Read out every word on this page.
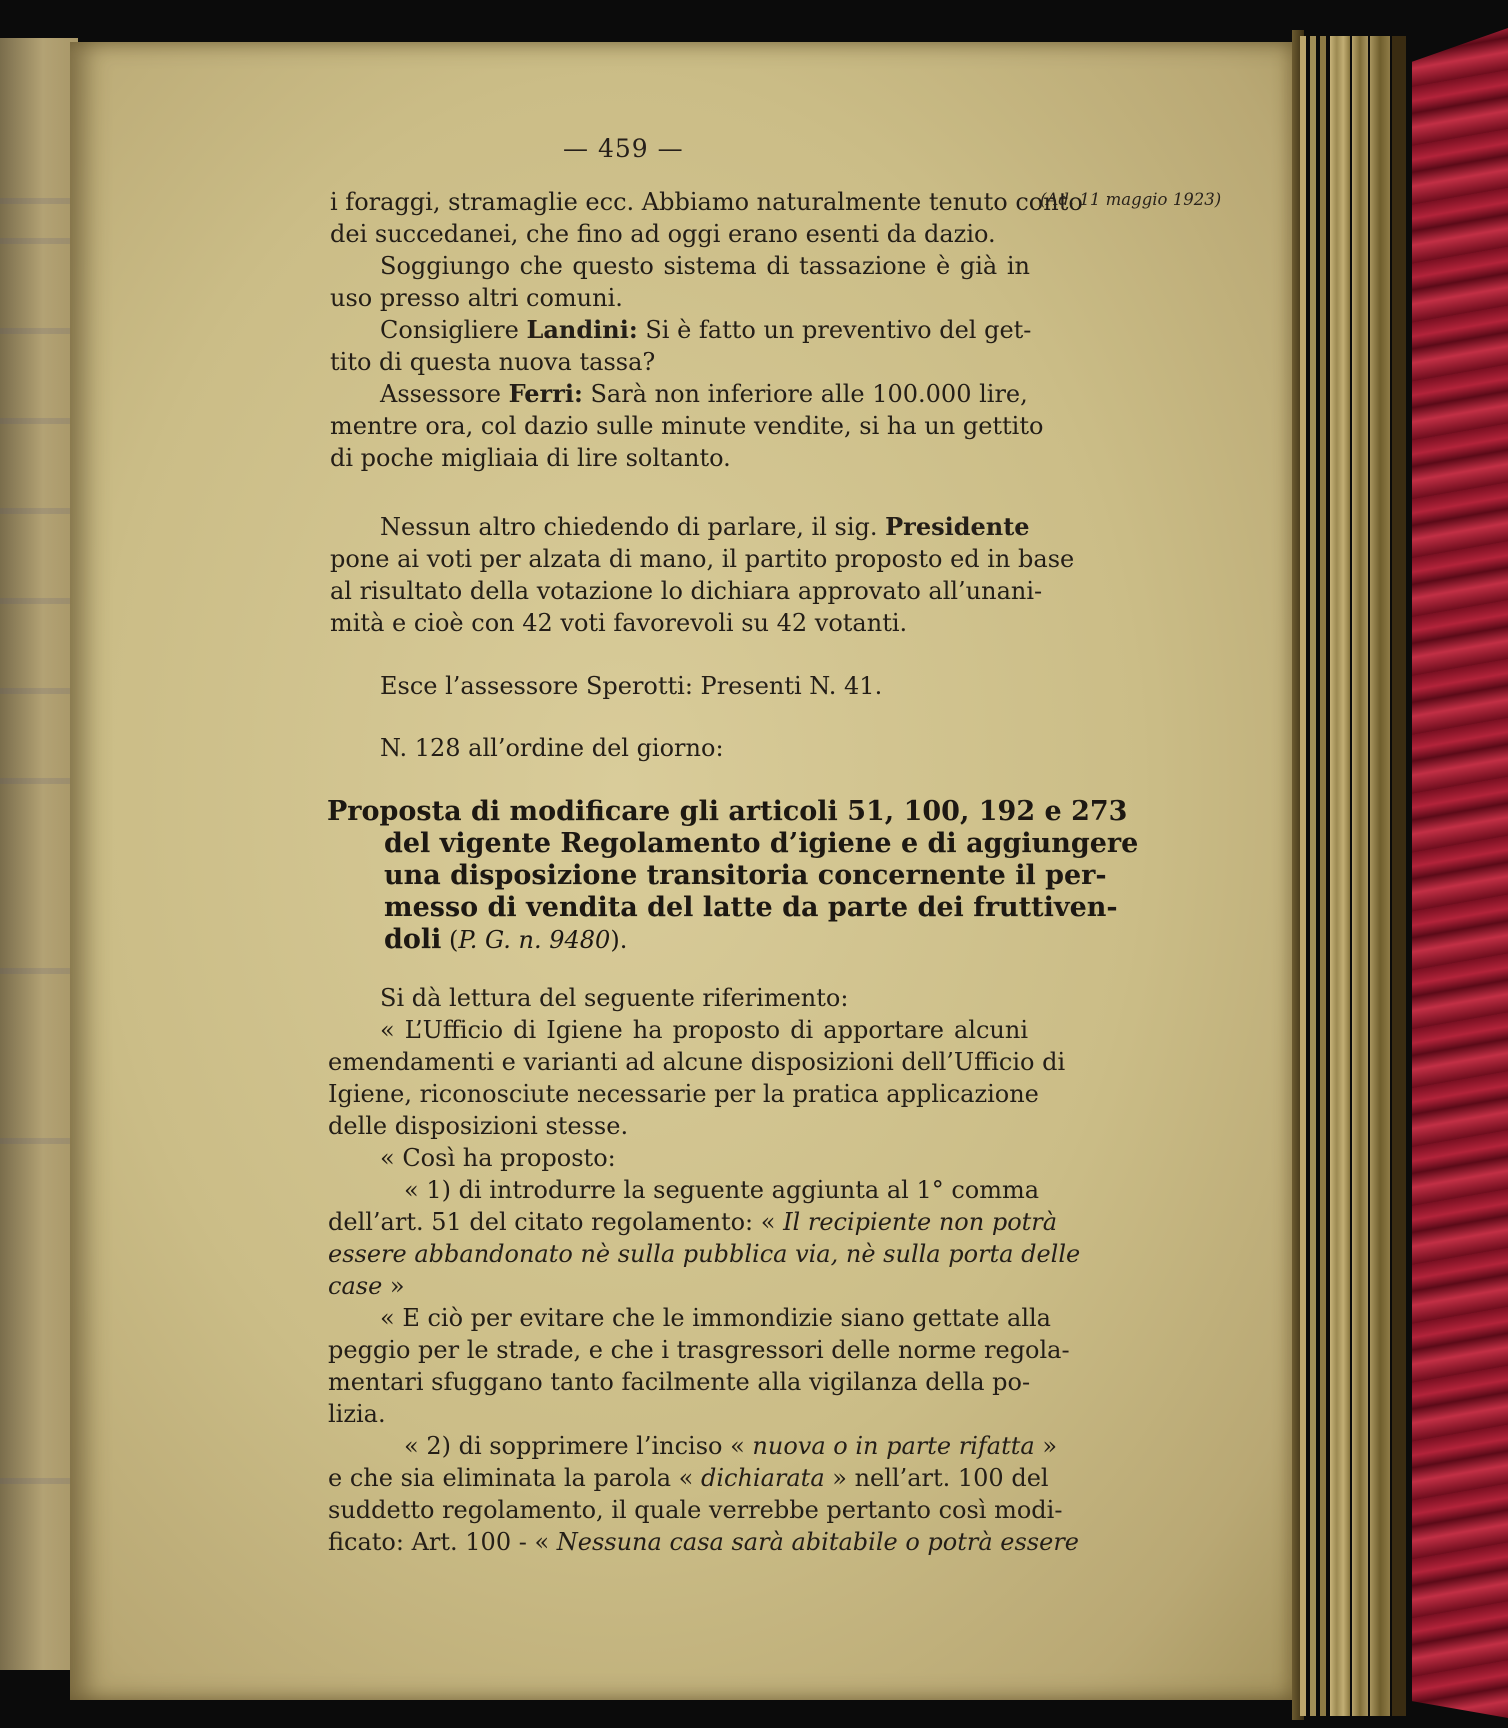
— 459 —
(Ad. 11 maggio 1923)
i foraggi, stramaglie ecc. Abbiamo naturalmente tenuto conto
dei succedanei, che fino ad oggi erano esenti da dazio.
Soggiungo che questo sistema di tassazione è già in
uso presso altri comuni.
Consigliere Landini: Si è fatto un preventivo del get-
tito di questa nuova tassa?
Assessore Ferri: Sarà non inferiore alle 100.000 lire,
mentre ora, col dazio sulle minute vendite, si ha un gettito
di poche migliaia di lire soltanto.
Nessun altro chiedendo di parlare, il sig. Presidente
pone ai voti per alzata di mano, il partito proposto ed in base
al risultato della votazione lo dichiara approvato all’unani-
mità e cioè con 42 voti favorevoli su 42 votanti.
Esce l’assessore Sperotti: Presenti N. 41.
N. 128 all’ordine del giorno:
Proposta di modificare gli articoli 51, 100, 192 e 273
del vigente Regolamento d’igiene e di aggiungere
una disposizione transitoria concernente il per-
messo di vendita del latte da parte dei fruttiven-
doli (P. G. n. 9480).
Si dà lettura del seguente riferimento:
« L’Ufficio di Igiene ha proposto di apportare alcuni
emendamenti e varianti ad alcune disposizioni dell’Ufficio di
Igiene, riconosciute necessarie per la pratica applicazione
delle disposizioni stesse.
« Così ha proposto:
« 1) di introdurre la seguente aggiunta al 1° comma
dell’art. 51 del citato regolamento: « Il recipiente non potrà
essere abbandonato nè sulla pubblica via, nè sulla porta delle
case »
« E ciò per evitare che le immondizie siano gettate alla
peggio per le strade, e che i trasgressori delle norme regola-
mentari sfuggano tanto facilmente alla vigilanza della po-
lizia.
« 2) di sopprimere l’inciso « nuova o in parte rifatta »
e che sia eliminata la parola « dichiarata » nell’art. 100 del
suddetto regolamento, il quale verrebbe pertanto così modi-
ficato: Art. 100 - « Nessuna casa sarà abitabile o potrà essere
